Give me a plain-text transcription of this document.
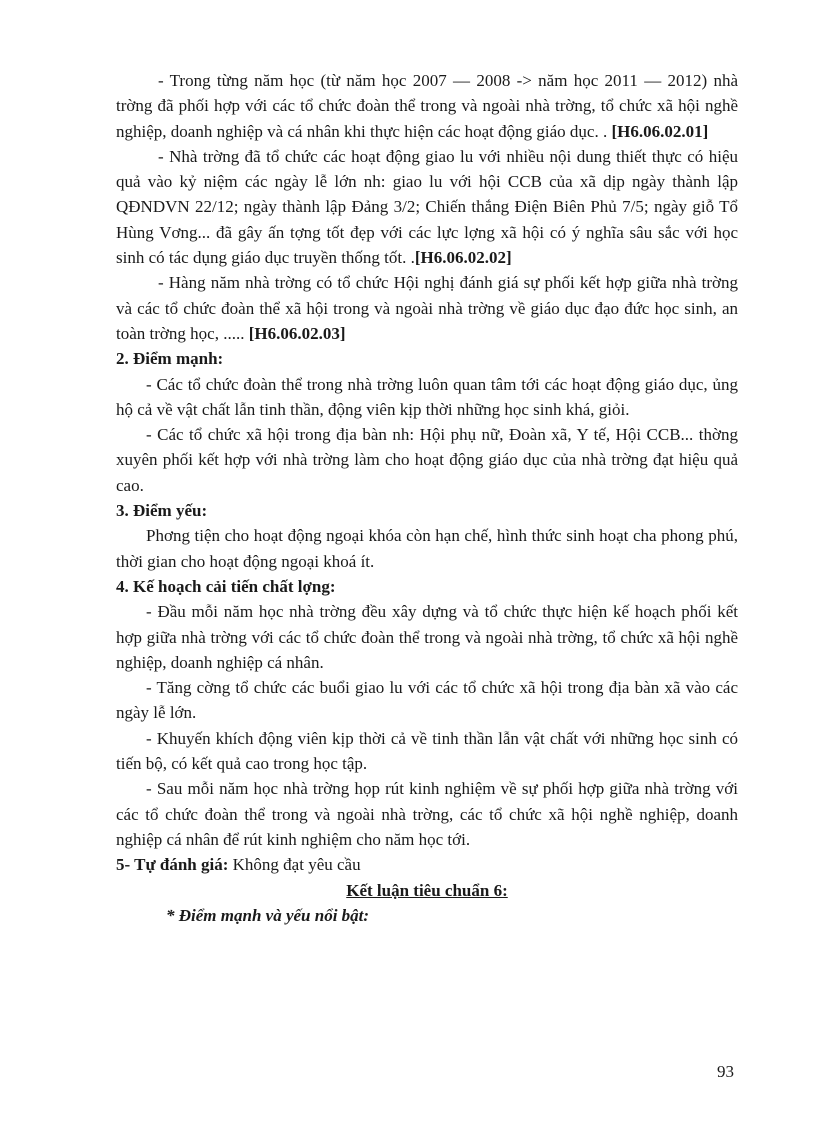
- Trong từng năm học (từ năm học 2007 — 2008 -> năm học 2011 — 2012) nhà trờng đã phối hợp với các tổ chức đoàn thể trong và ngoài nhà trờng, tổ chức xã hội nghề nghiệp, doanh nghiệp và cá nhân khi thực hiện các hoạt động giáo dục. . [H6.06.02.01]

- Nhà trờng đã tổ chức các hoạt động giao lu với nhiều nội dung thiết thực có hiệu quả vào kỷ niệm các ngày lễ lớn nh: giao lu với hội CCB của xã dịp ngày thành lập QĐNDVN 22/12; ngày thành lập Đảng 3/2; Chiến thắng Điện Biên Phủ 7/5; ngày giỗ Tổ Hùng Vơng... đã gây ấn tợng tốt đẹp với các lực lợng xã hội có ý nghĩa sâu sắc với học sinh có tác dụng giáo dục truyền thống tốt. .[H6.06.02.02]

- Hàng năm nhà trờng có tổ chức Hội nghị đánh giá sự phối kết hợp giữa nhà trờng và các tổ chức đoàn thể xã hội trong và ngoài nhà trờng về giáo dục đạo đức học sinh, an toàn trờng học, ..... [H6.06.02.03]

2. Điểm mạnh:

- Các tổ chức đoàn thể trong nhà trờng luôn quan tâm tới các hoạt động giáo dục, ủng hộ cả về vật chất lẫn tinh thần, động viên kịp thời những học sinh khá, giỏi.

- Các tổ chức xã hội trong địa bàn nh: Hội phụ nữ, Đoàn xã, Y tế, Hội CCB... thờng xuyên phối kết hợp với nhà trờng làm cho hoạt động giáo dục của nhà trờng đạt hiệu quả cao.

3. Điểm yếu:

Phơng tiện cho hoạt động ngoại khóa còn hạn chế, hình thức sinh hoạt cha phong phú, thời gian cho hoạt động ngoại khoá ít.

4. Kế hoạch cải tiến chất lợng:

- Đầu mỗi năm học nhà trờng đều xây dựng và tổ chức thực hiện kế hoạch phối kết hợp giữa nhà trờng với các tổ chức đoàn thể trong và ngoài nhà trờng, tổ chức xã hội nghề nghiệp, doanh nghiệp cá nhân.

- Tăng cờng tổ chức các buổi giao lu với các tổ chức xã hội trong địa bàn xã vào các ngày lễ lớn.

- Khuyến khích động viên kịp thời cả về tinh thần lẫn vật chất với những học sinh có tiến bộ, có kết quả cao trong học tập.

- Sau mỗi năm học nhà trờng họp rút kinh nghiệm về sự phối hợp giữa nhà trờng với các tổ chức đoàn thể trong và ngoài nhà trờng, các tổ chức xã hội nghề nghiệp, doanh nghiệp cá nhân để rút kinh nghiệm cho năm học tới.

5- Tự đánh giá: Không đạt yêu cầu

Kết luận tiêu chuẩn 6:

* Điểm mạnh và yếu nổi bật:

93
